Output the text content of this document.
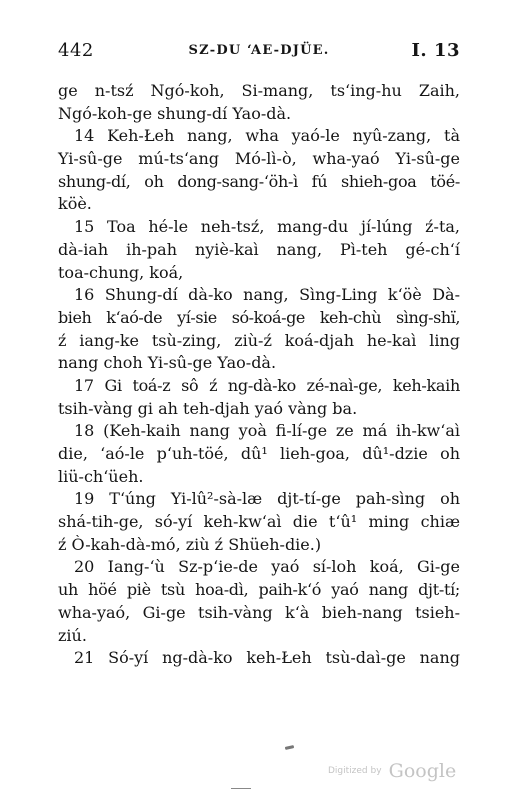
442	SZ-DU ‘AE-DJÜE.	I. 13
ge n-tsź Ngó-koh, Si-mang, ts‘ing-hu Zaih,
Ngó-koh-ge shung-dí Yao-dà.
14 Keh-Łeh nang, wha yaó-le nyû-zang, tà
Yi-sû-ge mú-ts‘ang Mó-lì-ò, wha-yaó Yi-sû-ge
shung-dí, oh dong-sang-‘öh-ì fú shieh-goa töé-
köè.
15 Toa hé-le neh-tsź, mang-du jí-lúng ź-ta,
dà-iah ih-pah nyiè-kaì nang, Pì-teh gé-ch‘í
toa-chung, koá,
16 Shung-dí dà-ko nang, Sìng-Ling k‘öè Dà-
bieh k‘aó-de yí-sie só-koá-ge keh-chù sìng-shï,
ź iang-ke tsù-zing, ziù-ź koá-djah he-kaì ling
nang choh Yi-sû-ge Yao-dà.
17 Gi toá-z sô ź ng-dà-ko zé-naì-ge, keh-kaih
tsih-vàng gi ah teh-djah yaó vàng ba.
18 (Keh-kaih nang yoà fi-lí-ge ze má ih-kw‘aì
die, ‘aó-le p‘uh-töé, dû¹ lieh-goa, dû¹-dzie oh
liü-ch‘üeh.
19 T‘úng Yi-lû²-sà-læ djt-tí-ge pah-sìng oh
shá-tih-ge, só-yí keh-kw‘aì die t‘û¹ ming chiæ
ź Ò-kah-dà-mó, ziù ź Shüeh-die.)
20 Iang-‘ù Sz-p‘ie-de yaó sí-loh koá, Gi-ge
uh höé piè tsù hoa-dì, paih-k‘ó yaó nang djt-tí;
wha-yaó, Gi-ge tsih-vàng k‘à bieh-nang tsieh-
ziú.
21 Só-yí ng-dà-ko keh-Łeh tsù-daì-ge nang
Digitized by Google
